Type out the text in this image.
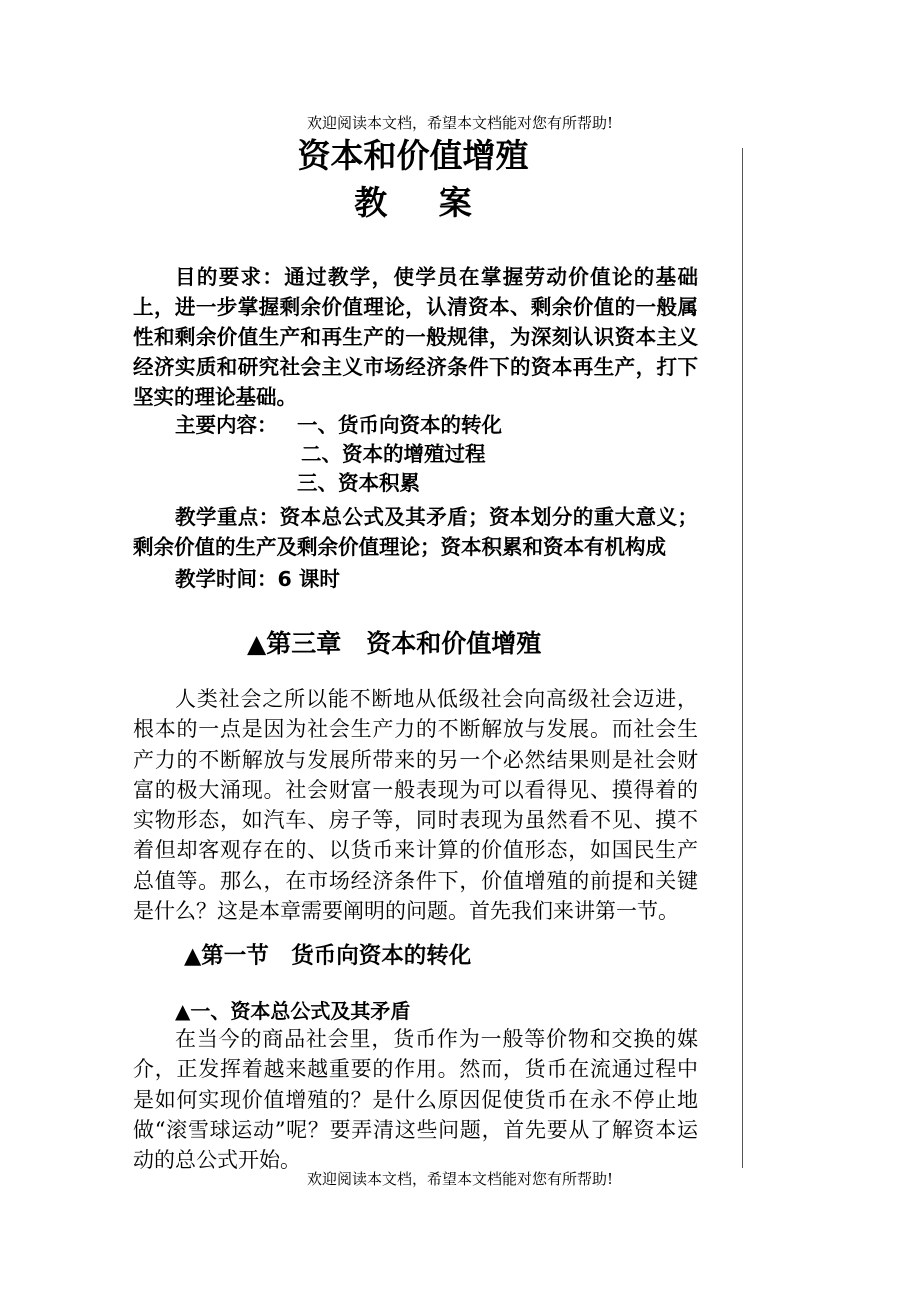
欢迎阅读本文档，希望本文档能对您有所帮助!
资本和价值增殖
教 案

目的要求：通过教学，使学员在掌握劳动价值论的基础上，进一步掌握剩余价值理论，认清资本、剩余价值的一般属性和剩余价值生产和再生产的一般规律，为深刻认识资本主义经济实质和研究社会主义市场经济条件下的资本再生产，打下坚实的理论基础。

主要内容： 一、货币向资本的转化
二、资本的增殖过程
三、资本积累

教学重点：资本总公式及其矛盾；资本划分的重大意义；剩余价值的生产及剩余价值理论；资本积累和资本有机构成

教学时间：6 课时

▲第三章　资本和价值增殖

人类社会之所以能不断地从低级社会向高级社会迈进，根本的一点是因为社会生产力的不断解放与发展。而社会生产力的不断解放与发展所带来的另一个必然结果则是社会财富的极大涌现。社会财富一般表现为可以看得见、摸得着的实物形态，如汽车、房子等，同时表现为虽然看不见、摸不着但却客观存在的、以货币来计算的价值形态，如国民生产总值等。那么，在市场经济条件下，价值增殖的前提和关键是什么？这是本章需要阐明的问题。首先我们来讲第一节。

▲第一节　货币向资本的转化
▲一、资本总公式及其矛盾

在当今的商品社会里，货币作为一般等价物和交换的媒介，正发挥着越来越重要的作用。然而，货币在流通过程中是如何实现价值增殖的？是什么原因促使货币在永不停止地做“滚雪球运动”呢？要弄清这些问题，首先要从了解资本运动的总公式开始。

欢迎阅读本文档，希望本文档能对您有所帮助!
